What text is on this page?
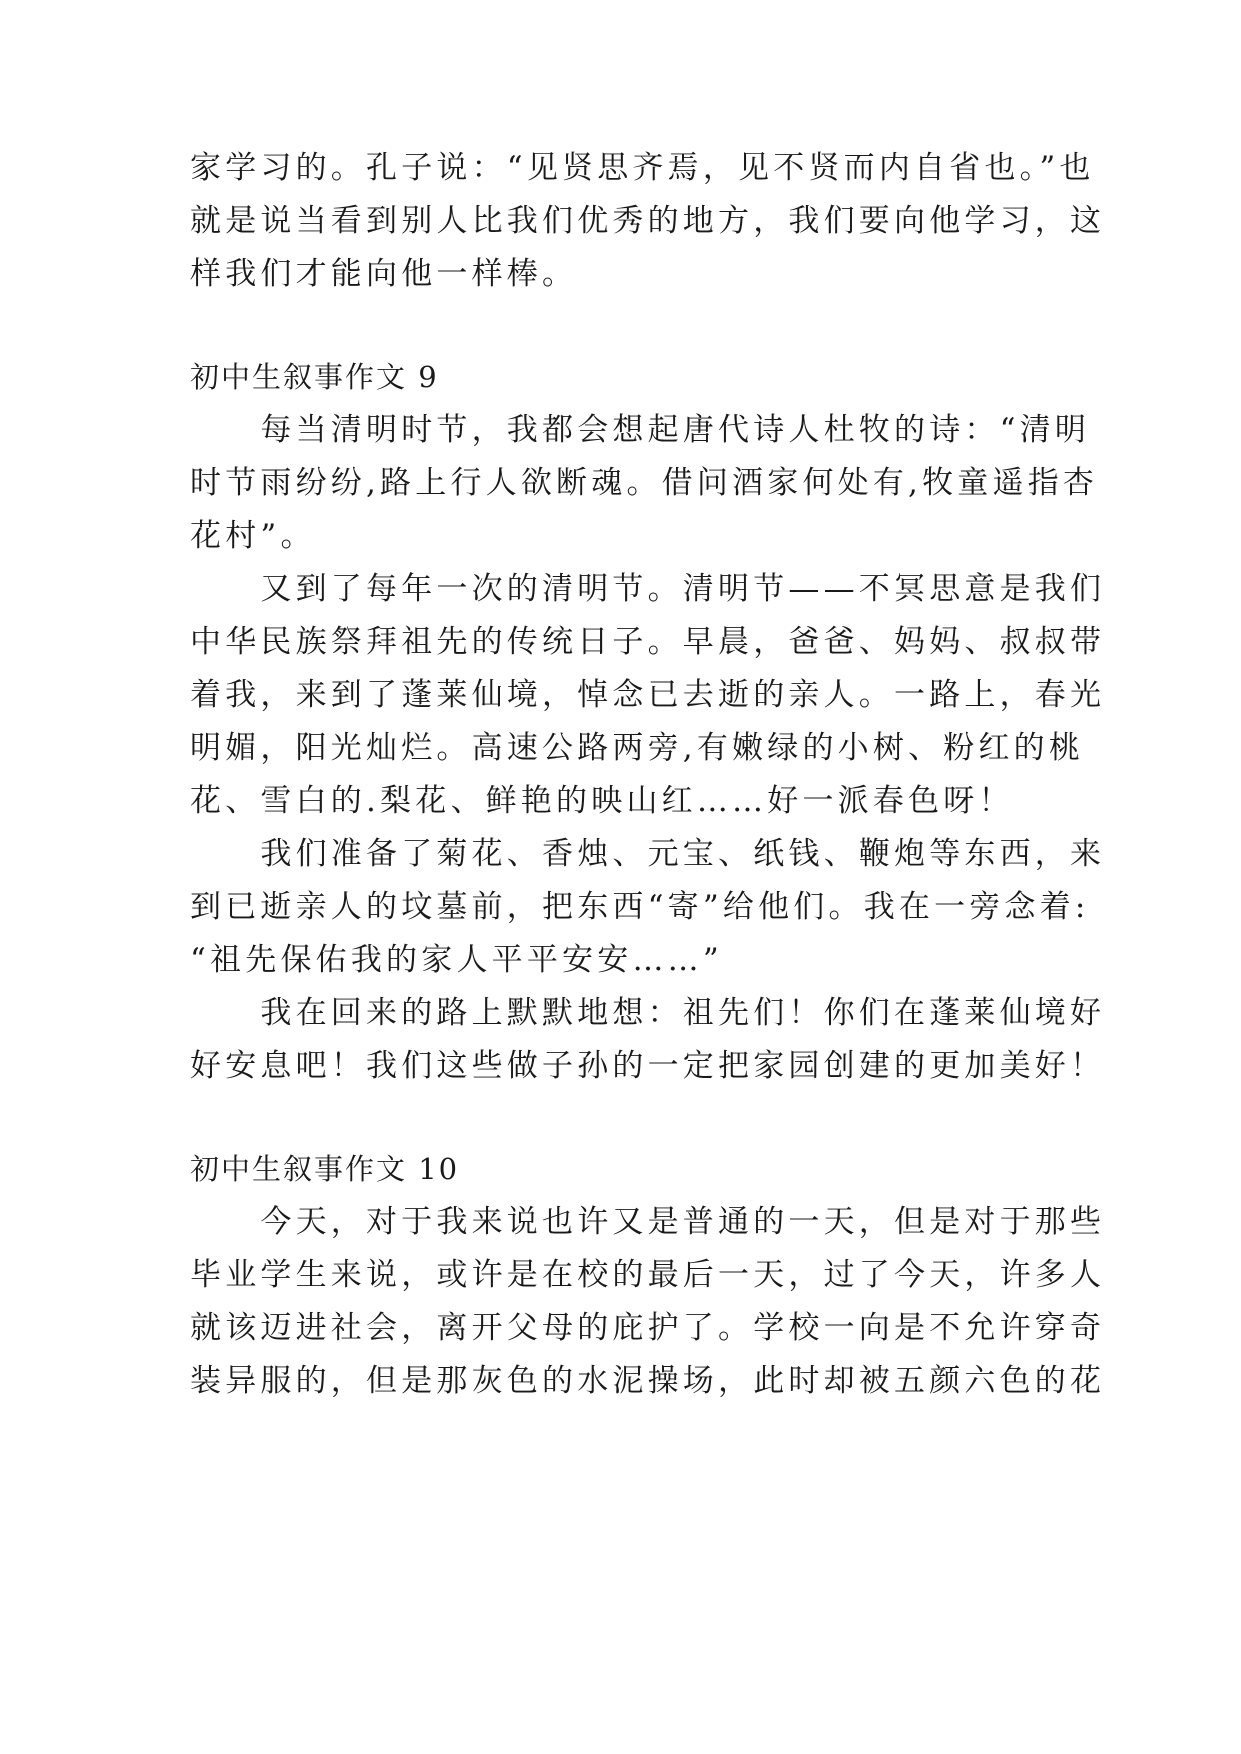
家学习的。孔子说：“见贤思齐焉，见不贤而内自省也。”也
就是说当看到别人比我们优秀的地方，我们要向他学习，这
样我们才能向他一样棒。
初中生叙事作文 9
　　每当清明时节，我都会想起唐代诗人杜牧的诗：“清明
时节雨纷纷,路上行人欲断魂。借问酒家何处有,牧童遥指杏
花村”。
　　又到了每年一次的清明节。清明节——不冥思意是我们
中华民族祭拜祖先的传统日子。早晨，爸爸、妈妈、叔叔带
着我，来到了蓬莱仙境，悼念已去逝的亲人。一路上，春光
明媚，阳光灿烂。高速公路两旁,有嫩绿的小树、粉红的桃
花、雪白的.梨花、鲜艳的映山红……好一派春色呀！
　　我们准备了菊花、香烛、元宝、纸钱、鞭炮等东西，来
到已逝亲人的坟墓前，把东西“寄”给他们。我在一旁念着:
“祖先保佑我的家人平平安安……”
　　我在回来的路上默默地想：祖先们！你们在蓬莱仙境好
好安息吧！我们这些做子孙的一定把家园创建的更加美好！
初中生叙事作文 10
　　今天，对于我来说也许又是普通的一天，但是对于那些
毕业学生来说，或许是在校的最后一天，过了今天，许多人
就该迈进社会，离开父母的庇护了。学校一向是不允许穿奇
装异服的，但是那灰色的水泥操场，此时却被五颜六色的花
